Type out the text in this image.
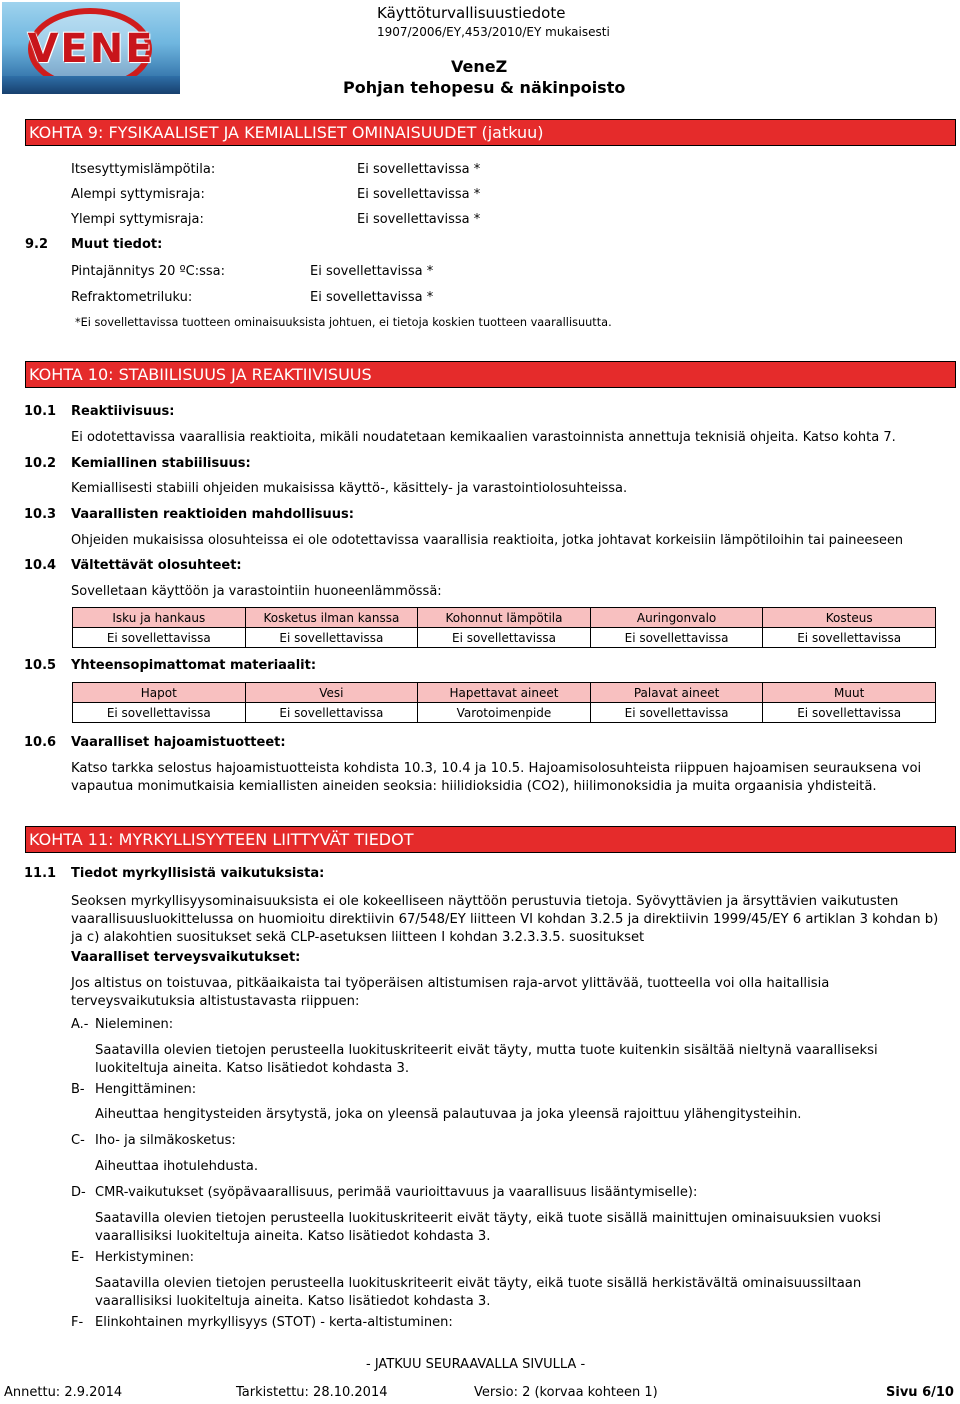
VENE
Käyttöturvallisuustiedote
1907/2006/EY,453/2010/EY mukaisesti
VeneZ
Pohjan tehopesu & näkinpoisto
KOHTA 9: FYSIKAALISET JA KEMIALLISET OMINAISUUDET (jatkuu)
Itsesyttymislämpötila:	Ei sovellettavissa *
Alempi syttymisraja:	Ei sovellettavissa *
Ylempi syttymisraja:	Ei sovellettavissa *
9.2 Muut tiedot:
Pintajännitys 20 ºC:ssa:	Ei sovellettavissa *
Refraktometriluku:	Ei sovellettavissa *
*Ei sovellettavissa tuotteen ominaisuuksista johtuen, ei tietoja koskien tuotteen vaarallisuutta.
KOHTA 10: STABIILISUUS JA REAKTIIVISUUS
10.1 Reaktiivisuus:
Ei odotettavissa vaarallisia reaktioita, mikäli noudatetaan kemikaalien varastoinnista annettuja teknisiä ohjeita. Katso kohta 7.
10.2 Kemiallinen stabiilisuus:
Kemiallisesti stabiili ohjeiden mukaisissa käyttö-, käsittely- ja varastointiolosuhteissa.
10.3 Vaarallisten reaktioiden mahdollisuus:
Ohjeiden mukaisissa olosuhteissa ei ole odotettavissa vaarallisia reaktioita, jotka johtavat korkeisiin lämpötiloihin tai paineeseen
10.4 Vältettävät olosuhteet:
Sovelletaan käyttöön ja varastointiin huoneenlämmössä:
Isku ja hankaus	Kosketus ilman kanssa	Kohonnut lämpötila	Auringonvalo	Kosteus
Ei sovellettavissa	Ei sovellettavissa	Ei sovellettavissa	Ei sovellettavissa	Ei sovellettavissa
10.5 Yhteensopimattomat materiaalit:
Hapot	Vesi	Hapettavat aineet	Palavat aineet	Muut
Ei sovellettavissa	Ei sovellettavissa	Varotoimenpide	Ei sovellettavissa	Ei sovellettavissa
10.6 Vaaralliset hajoamistuotteet:
Katso tarkka selostus hajoamistuotteista kohdista 10.3, 10.4 ja 10.5. Hajoamisolosuhteista riippuen hajoamisen seurauksena voi vapautua monimutkaisia kemiallisten aineiden seoksia: hiilidioksidia (CO2), hiilimonoksidia ja muita orgaanisia yhdisteitä.
KOHTA 11: MYRKYLLISYYTEEN LIITTYVÄT TIEDOT
11.1 Tiedot myrkyllisistä vaikutuksista:
Seoksen myrkyllisyysominaisuuksista ei ole kokeelliseen näyttöön perustuvia tietoja. Syövyttävien ja ärsyttävien vaikutusten vaarallisuusluokittelussa on huomioitu direktiivin 67/548/EY liitteen VI kohdan 3.2.5 ja direktiivin 1999/45/EY 6 artiklan 3 kohdan b) ja c) alakohtien suositukset sekä CLP-asetuksen liitteen I kohdan 3.2.3.3.5. suositukset
Vaaralliset terveysvaikutukset:
Jos altistus on toistuvaa, pitkäaikaista tai työperäisen altistumisen raja-arvot ylittävää, tuotteella voi olla haitallisia terveysvaikutuksia altistustavasta riippuen:
A.- Nieleminen:
Saatavilla olevien tietojen perusteella luokituskriteerit eivät täyty, mutta tuote kuitenkin sisältää nieltynä vaaralliseksi luokiteltuja aineita. Katso lisätiedot kohdasta 3.
B- Hengittäminen:
Aiheuttaa hengitysteiden ärsytystä, joka on yleensä palautuvaa ja joka yleensä rajoittuu ylähengitysteihin.
C- Iho- ja silmäkosketus:
Aiheuttaa ihotulehdusta.
D- CMR-vaikutukset (syöpävaarallisuus, perimää vaurioittavuus ja vaarallisuus lisääntymiselle):
Saatavilla olevien tietojen perusteella luokituskriteerit eivät täyty, eikä tuote sisällä mainittujen ominaisuuksien vuoksi vaarallisiksi luokiteltuja aineita. Katso lisätiedot kohdasta 3.
E- Herkistyminen:
Saatavilla olevien tietojen perusteella luokituskriteerit eivät täyty, eikä tuote sisällä herkistävältä ominaisuussiltaan vaarallisiksi luokiteltuja aineita. Katso lisätiedot kohdasta 3.
F- Elinkohtainen myrkyllisyys (STOT) - kerta-altistuminen:
- JATKUU SEURAAVALLA SIVULLA -
Annettu: 2.9.2014	Tarkistettu: 28.10.2014	Versio: 2 (korvaa kohteen 1)	Sivu 6/10
